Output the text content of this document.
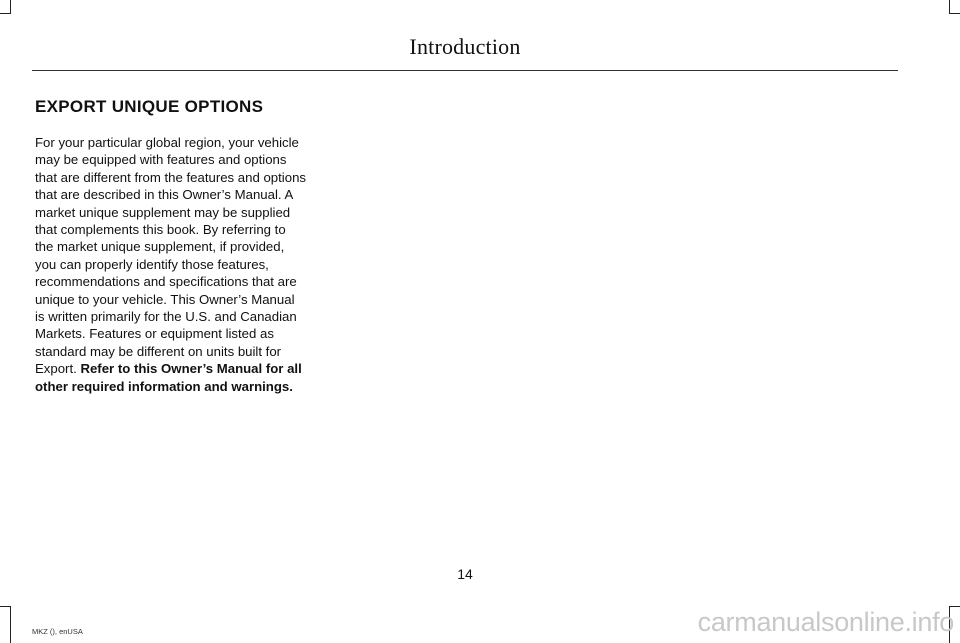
Introduction
EXPORT UNIQUE OPTIONS

For your particular global region, your vehicle may be equipped with features and options that are different from the features and options that are described in this Owner’s Manual. A market unique supplement may be supplied that complements this book. By referring to the market unique supplement, if provided, you can properly identify those features, recommendations and specifications that are unique to your vehicle. This Owner’s Manual is written primarily for the U.S. and Canadian Markets. Features or equipment listed as standard may be different on units built for Export. Refer to this Owner’s Manual for all other required information and warnings.

14
MKZ (), enUSA	carmanualsonline.info
